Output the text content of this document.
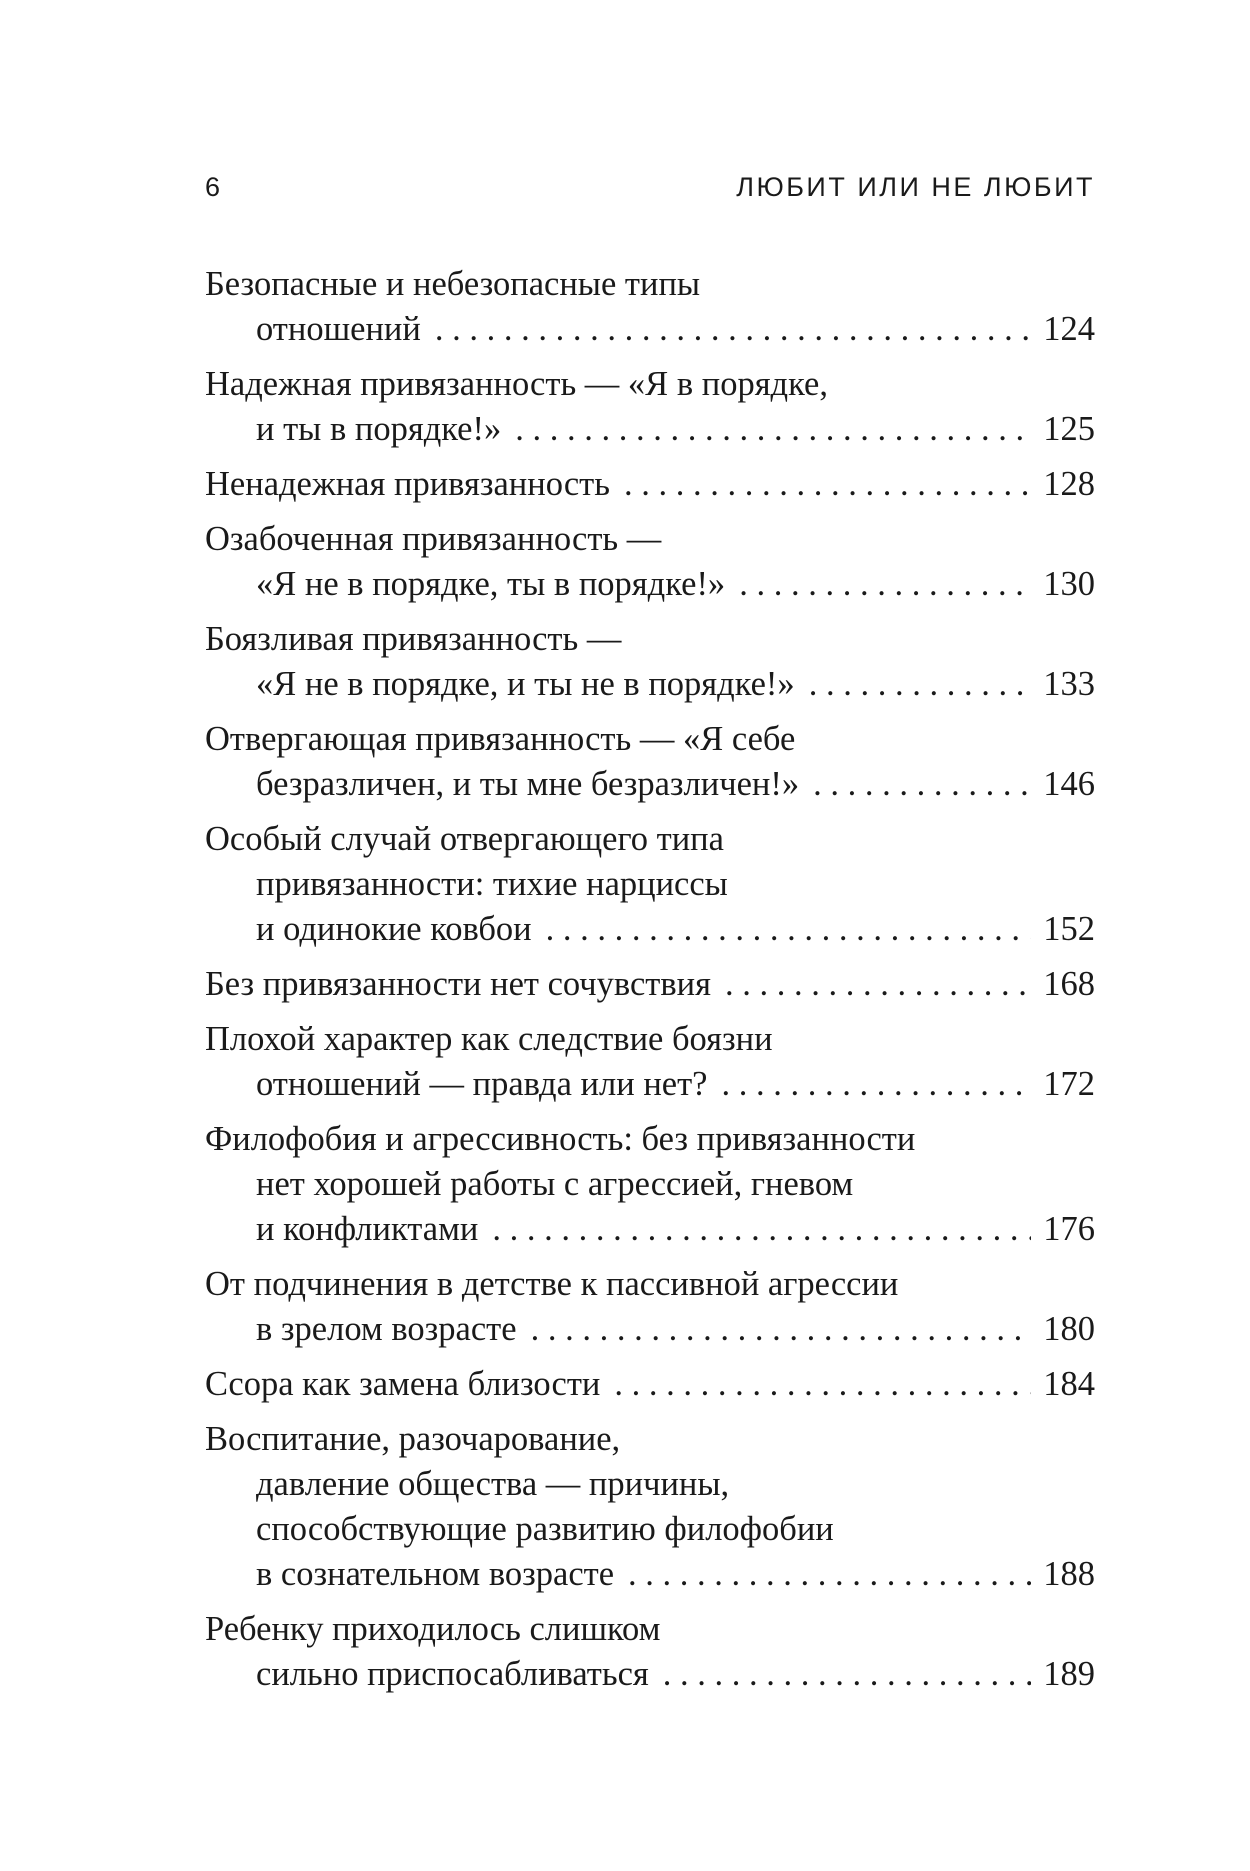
6	ЛЮБИТ ИЛИ НЕ ЛЮБИТ
Безопасные и небезопасные типы
отношений . . .	124
Надежная привязанность — «Я в порядке,
и ты в порядке!» . . .	125
Ненадежная привязанность . . .	128
Озабоченная привязанность —
«Я не в порядке, ты в порядке!» . . .	130
Боязливая привязанность —
«Я не в порядке, и ты не в порядке!» . . .	133
Отвергающая привязанность — «Я себе
безразличен, и ты мне безразличен!» . . .	146
Особый случай отвергающего типа
привязанности: тихие нарциссы
и одинокие ковбои . . .	152
Без привязанности нет сочувствия . . .	168
Плохой характер как следствие боязни
отношений — правда или нет? . . .	172
Филофобия и агрессивность: без привязанности
нет хорошей работы с агрессией, гневом
и конфликтами . . .	176
От подчинения в детстве к пассивной агрессии
в зрелом возрасте . . .	180
Ссора как замена близости . . .	184
Воспитание, разочарование,
давление общества — причины,
способствующие развитию филофобии
в сознательном возрасте . . .	188
Ребенку приходилось слишком
сильно приспосабливаться . . .	189
